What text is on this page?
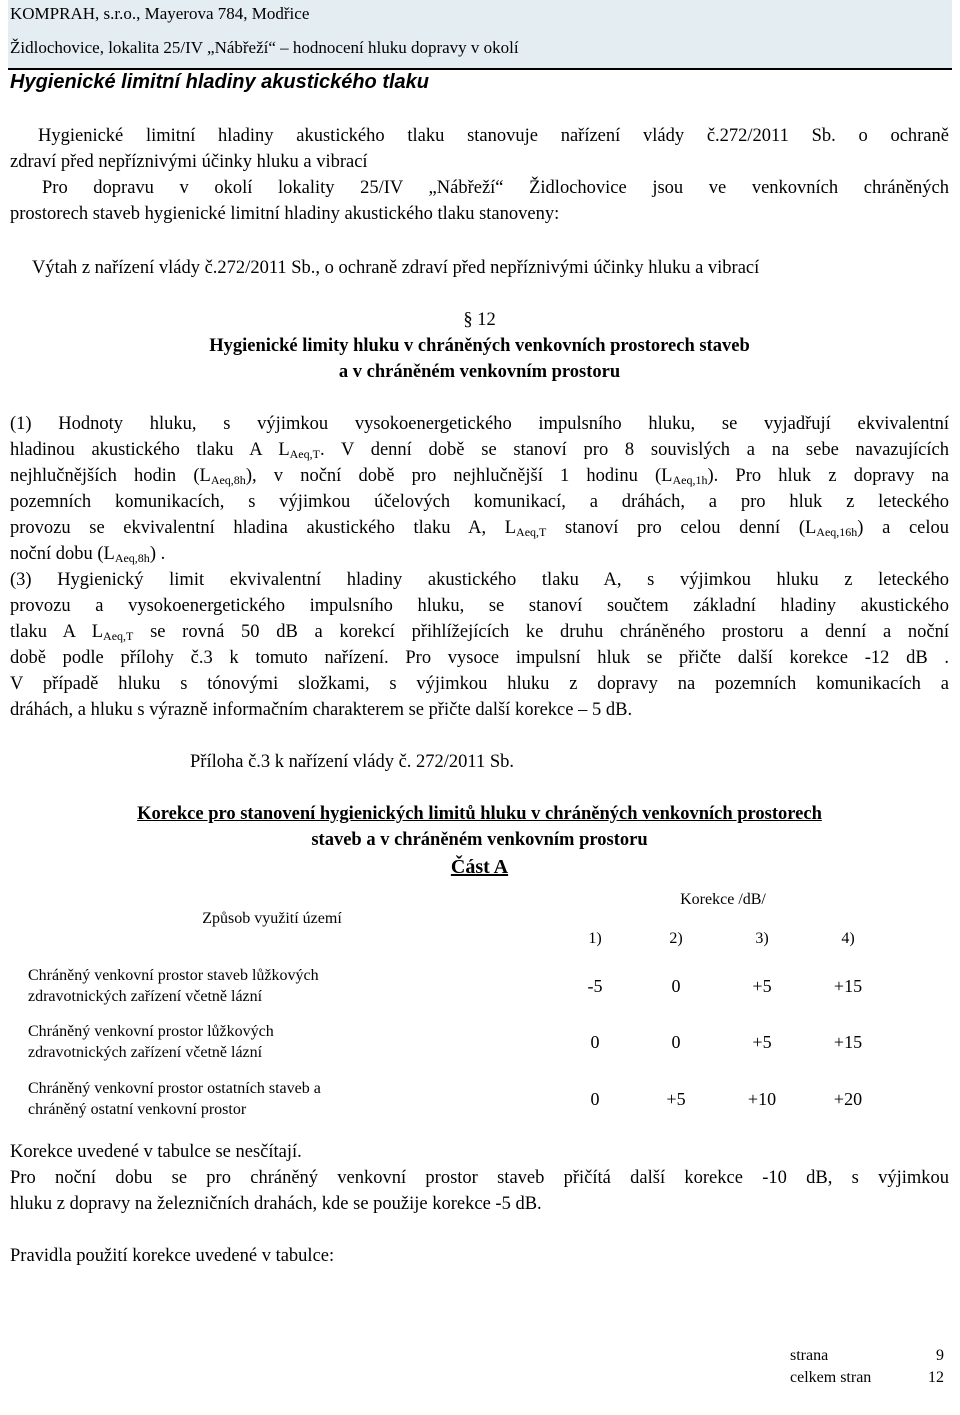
KOMPRAH, s.r.o., Mayerova 784, Modřice
Židlochovice, lokalita 25/IV „Nábřeží“ – hodnocení hluku dopravy v okolí
Hygienické limitní hladiny akustického tlaku
Hygienické limitní hladiny akustického tlaku stanovuje nařízení vlády č.272/2011 Sb. o ochraně
zdraví před nepříznivými účinky hluku a vibrací
Pro dopravu v okolí lokality 25/IV „Nábřeží“ Židlochovice jsou ve venkovních chráněných
prostorech staveb hygienické limitní hladiny akustického tlaku stanoveny:
Výtah z nařízení vlády č.272/2011 Sb., o ochraně zdraví před nepříznivými účinky hluku a vibrací
§ 12
Hygienické limity hluku v chráněných venkovních prostorech staveb
a v chráněném venkovním prostoru
(1) Hodnoty hluku, s výjimkou vysokoenergetického impulsního hluku, se vyjadřují ekvivalentní
hladinou akustického tlaku A $L_{Aeq,T}$. V denní době se stanoví pro 8 souvislých a na sebe navazujících
nejhlučnějších hodin $(L_{Aeq,8h})$, v noční době pro nejhlučnější 1 hodinu $(L_{Aeq,1h})$. Pro hluk z dopravy na
pozemních komunikacích, s výjimkou účelových komunikací, a dráhách, a pro hluk z leteckého
provozu se ekvivalentní hladina akustického tlaku A, $L_{Aeq,T}$ stanoví pro celou denní $(L_{Aeq,16h})$ a celou
noční dobu $(L_{Aeq,8h})$ .
(3) Hygienický limit ekvivalentní hladiny akustického tlaku A, s výjimkou hluku z leteckého
provozu a vysokoenergetického impulsního hluku, se stanoví součtem základní hladiny akustického
tlaku A $L_{Aeq,T}$ se rovná 50 dB a korekcí přihlížejících ke druhu chráněného prostoru a denní a noční
době podle přílohy č.3 k tomuto nařízení. Pro vysoce impulsní hluk se přičte další korekce -12 dB .
V případě hluku s tónovými složkami, s výjimkou hluku z dopravy na pozemních komunikacích a
dráhách, a hluku s výrazně informačním charakterem se přičte další korekce – 5 dB.
Příloha č.3 k nařízení vlády č. 272/2011 Sb.
Korekce pro stanovení hygienických limitů hluku v chráněných venkovních prostorech
staveb a v chráněném venkovním prostoru
Část A
Způsob využití území	Korekce /dB/			
	1)	2)	3)	4)

Chráněný venkovní prostor staveb lůžkových
zdravotnických zařízení včetně lázní	-5	0	+5	+15

Chráněný venkovní prostor lůžkových
zdravotnických zařízení včetně lázní	0	0	+5	+15

Chráněný venkovní prostor ostatních staveb a
chráněný ostatní venkovní prostor	0	+5	+10	+20
Korekce uvedené v tabulce se nesčítají.
Pro noční dobu se pro chráněný venkovní prostor staveb přičítá další korekce -10 dB, s výjimkou
hluku z dopravy na železničních drahách, kde se použije korekce -5 dB.
Pravidla použití korekce uvedené v tabulce:
strana	9
celkem stran	12
